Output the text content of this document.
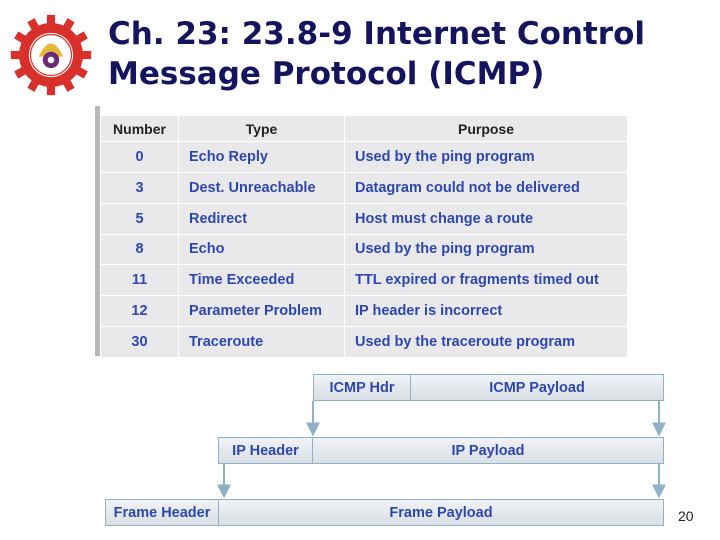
Ch. 23: 23.8-9 Internet Control
Message Protocol (ICMP)
Number	Type	Purpose
0	Echo Reply	Used by the ping program
3	Dest. Unreachable	Datagram could not be delivered
5	Redirect	Host must change a route
8	Echo	Used by the ping program
11	Time Exceeded	TTL expired or fragments timed out
12	Parameter Problem	IP header is incorrect
30	Traceroute	Used by the traceroute program
ICMP Hdr	ICMP Payload
IP Header	IP Payload
Frame Header	Frame Payload	20
